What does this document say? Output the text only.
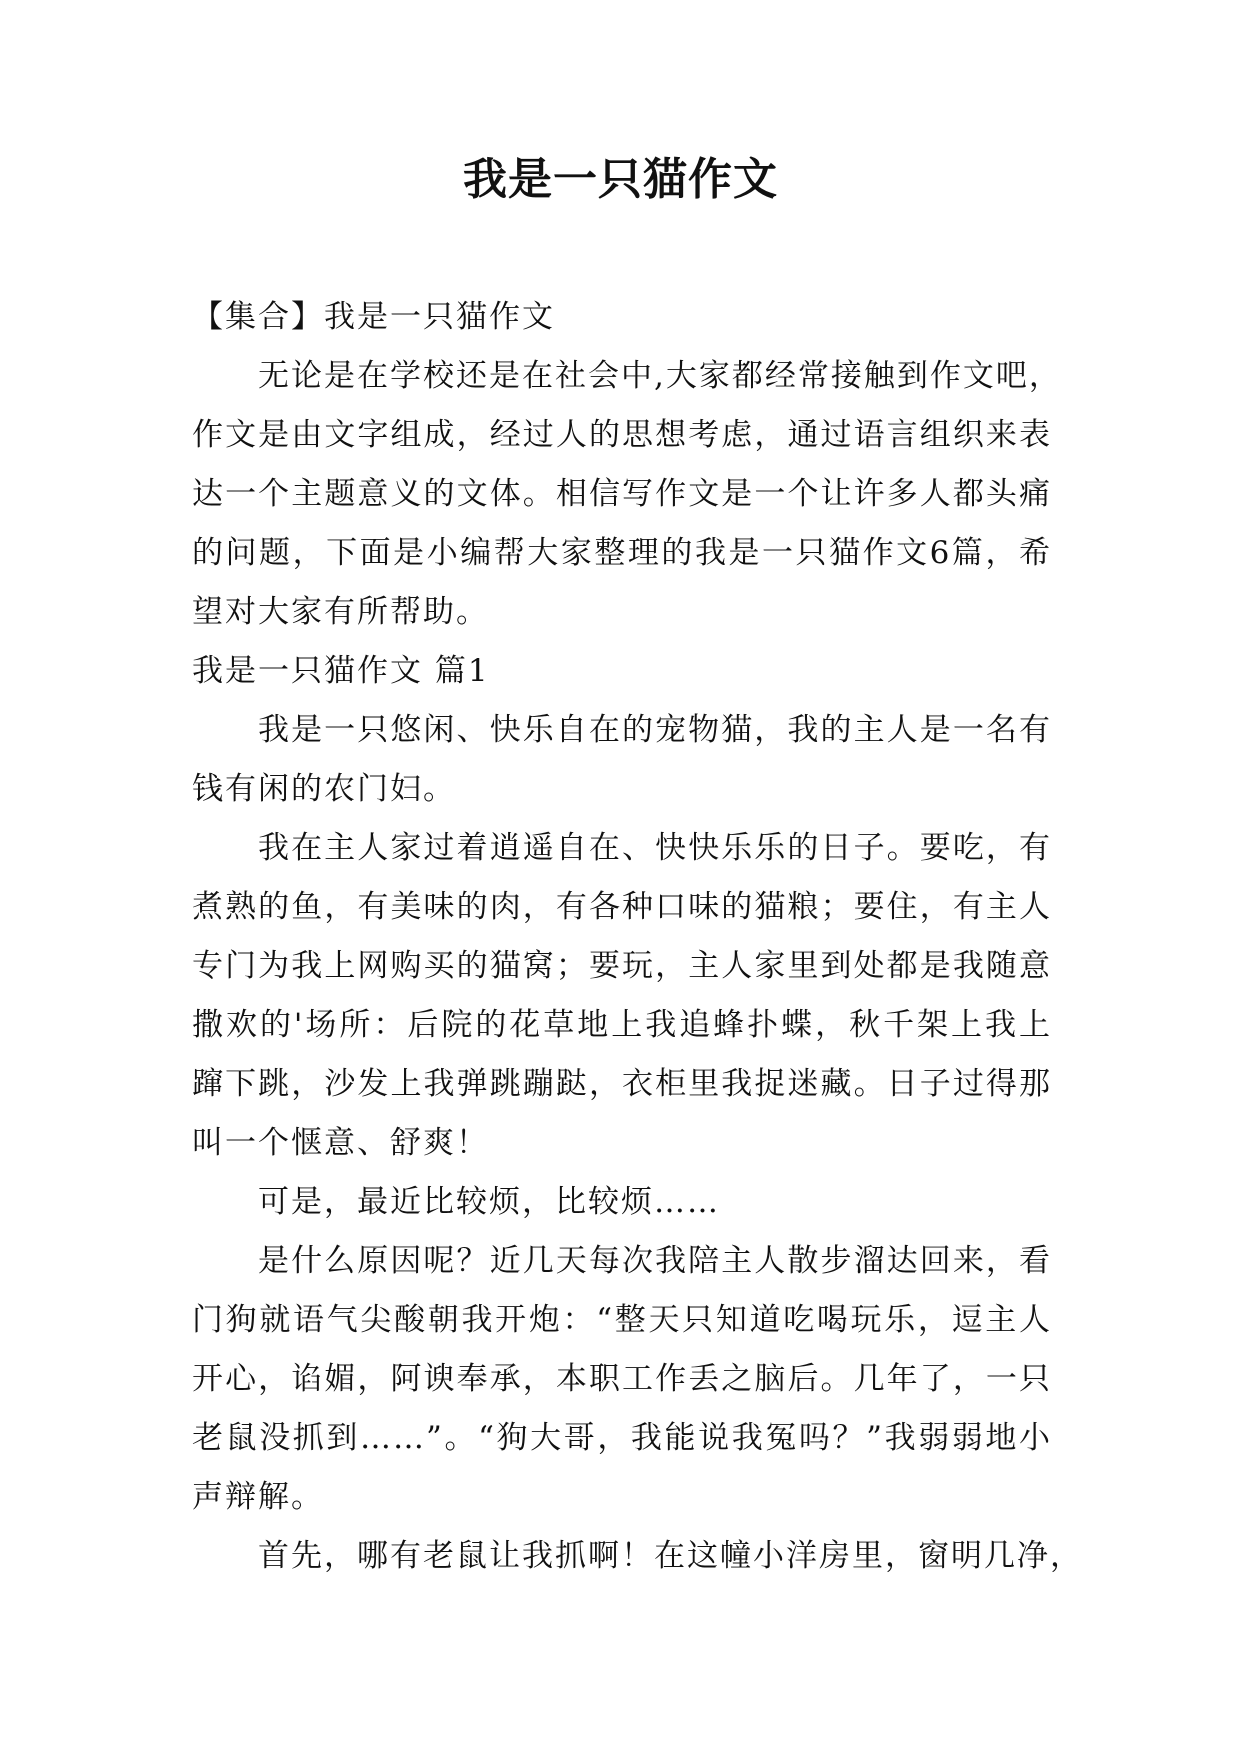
我是一只猫作文
【集合】我是一只猫作文
无论是在学校还是在社会中,大家都经常接触到作文吧，
作文是由文字组成，经过人的思想考虑，通过语言组织来表
达一个主题意义的文体。相信写作文是一个让许多人都头痛
的问题，下面是小编帮大家整理的我是一只猫作文6篇，希
望对大家有所帮助。
我是一只猫作文 篇1
我是一只悠闲、快乐自在的宠物猫，我的主人是一名有
钱有闲的农门妇。
我在主人家过着逍遥自在、快快乐乐的日子。要吃，有
煮熟的鱼，有美味的肉，有各种口味的猫粮；要住，有主人
专门为我上网购买的猫窝；要玩，主人家里到处都是我随意
撒欢的'场所：后院的花草地上我追蜂扑蝶，秋千架上我上
蹿下跳，沙发上我弹跳蹦跶，衣柜里我捉迷藏。日子过得那
叫一个惬意、舒爽！
可是，最近比较烦，比较烦……
是什么原因呢？近几天每次我陪主人散步溜达回来，看
门狗就语气尖酸朝我开炮：“整天只知道吃喝玩乐，逗主人
开心，谄媚，阿谀奉承，本职工作丢之脑后。几年了，一只
老鼠没抓到……”。“狗大哥，我能说我冤吗？”我弱弱地小
声辩解。
首先，哪有老鼠让我抓啊！在这幢小洋房里，窗明几净，
